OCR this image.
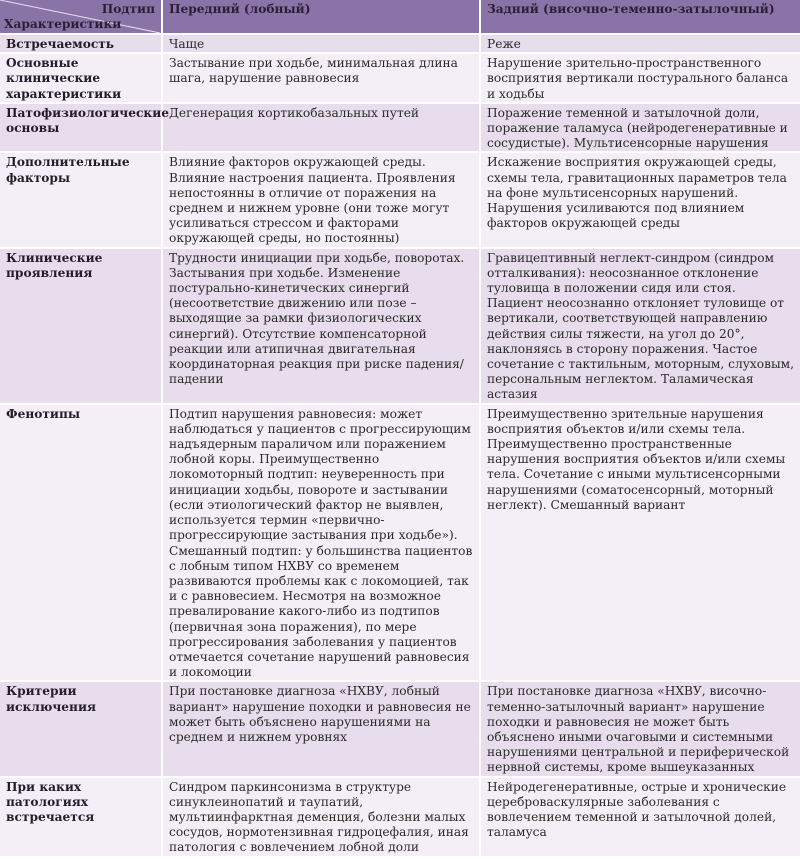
Подтип
Характеристики	Передний (лобный)	Задний (височно-теменно-затылочный)
Встречаемость	Чаще	Реже
Основные клинические характеристики	Застывание при ходьбе, минимальная длина шага, нарушение равновесия	Нарушение зрительно-пространственного восприятия вертикали постурального баланса и ходьбы
Патофизиологические основы	Дегенерация кортикобазальных путей	Поражение теменной и затылочной доли, поражение таламуса (нейродегенеративные и сосудистые). Мультисенсорные нарушения
Дополнительные факторы	Влияние факторов окружающей среды. Влияние настроения пациента. Проявления непостоянны в отличие от поражения на среднем и нижнем уровне (они тоже могут усиливаться стрессом и факторами окружающей среды, но постоянны)	Искажение восприятия окружающей среды, схемы тела, гравитационных параметров тела на фоне мультисенсорных нарушений. Нарушения усиливаются под влиянием факторов окружающей среды
Клинические проявления	Трудности инициации при ходьбе, поворотах. Застывания при ходьбе. Изменение постурально-кинетических синергий (несоответствие движению или позе – выходящие за рамки физиологических синергий). Отсутствие компенсаторной реакции или атипичная двигательная координаторная реакция при риске падения/падении	Гравицептивный неглект-синдром (синдром отталкивания): неосознанное отклонение туловища в положении сидя или стоя. Пациент неосознанно отклоняет туловище от вертикали, соответствующей направлению действия силы тяжести, на угол до 20°, наклоняясь в сторону поражения. Частое сочетание с тактильным, моторным, слуховым, персональным неглектом. Таламическая астазия
Фенотипы	Подтип нарушения равновесия: может наблюдаться у пациентов с прогрессирующим надъядерным параличом или поражением лобной коры. Преимущественно локомоторный подтип: неуверенность при инициации ходьбы, повороте и застывании (если этиологический фактор не выявлен, используется термин «первично-прогрессирующие застывания при ходьбе»). Смешанный подтип: у большинства пациентов с лобным типом НХВУ со временем развиваются проблемы как с локомоцией, так и с равновесием. Несмотря на возможное превалирование какого-либо из подтипов (первичная зона поражения), по мере прогрессирования заболевания у пациентов отмечается сочетание нарушений равновесия и локомоции	Преимущественно зрительные нарушения восприятия объектов и/или схемы тела. Преимущественно пространственные нарушения восприятия объектов и/или схемы тела. Сочетание с иными мультисенсорными нарушениями (соматосенсорный, моторный неглект). Смешанный вариант
Критерии исключения	При постановке диагноза «НХВУ, лобный вариант» нарушение походки и равновесия не может быть объяснено нарушениями на среднем и нижнем уровнях	При постановке диагноза «НХВУ, височно-теменно-затылочный вариант» нарушение походки и равновесия не может быть объяснено иными очаговыми и системными нарушениями центральной и периферической нервной системы, кроме вышеуказанных
При каких патологиях встречается	Синдром паркинсонизма в структуре синуклеинопатий и таупатий, мультиинфарктная деменция, болезни малых сосудов, нормотензивная гидроцефалия, иная патология с вовлечением лобной доли	Нейродегенеративные, острые и хронические цереброваскулярные заболевания с вовлечением теменной и затылочной долей, таламуса
